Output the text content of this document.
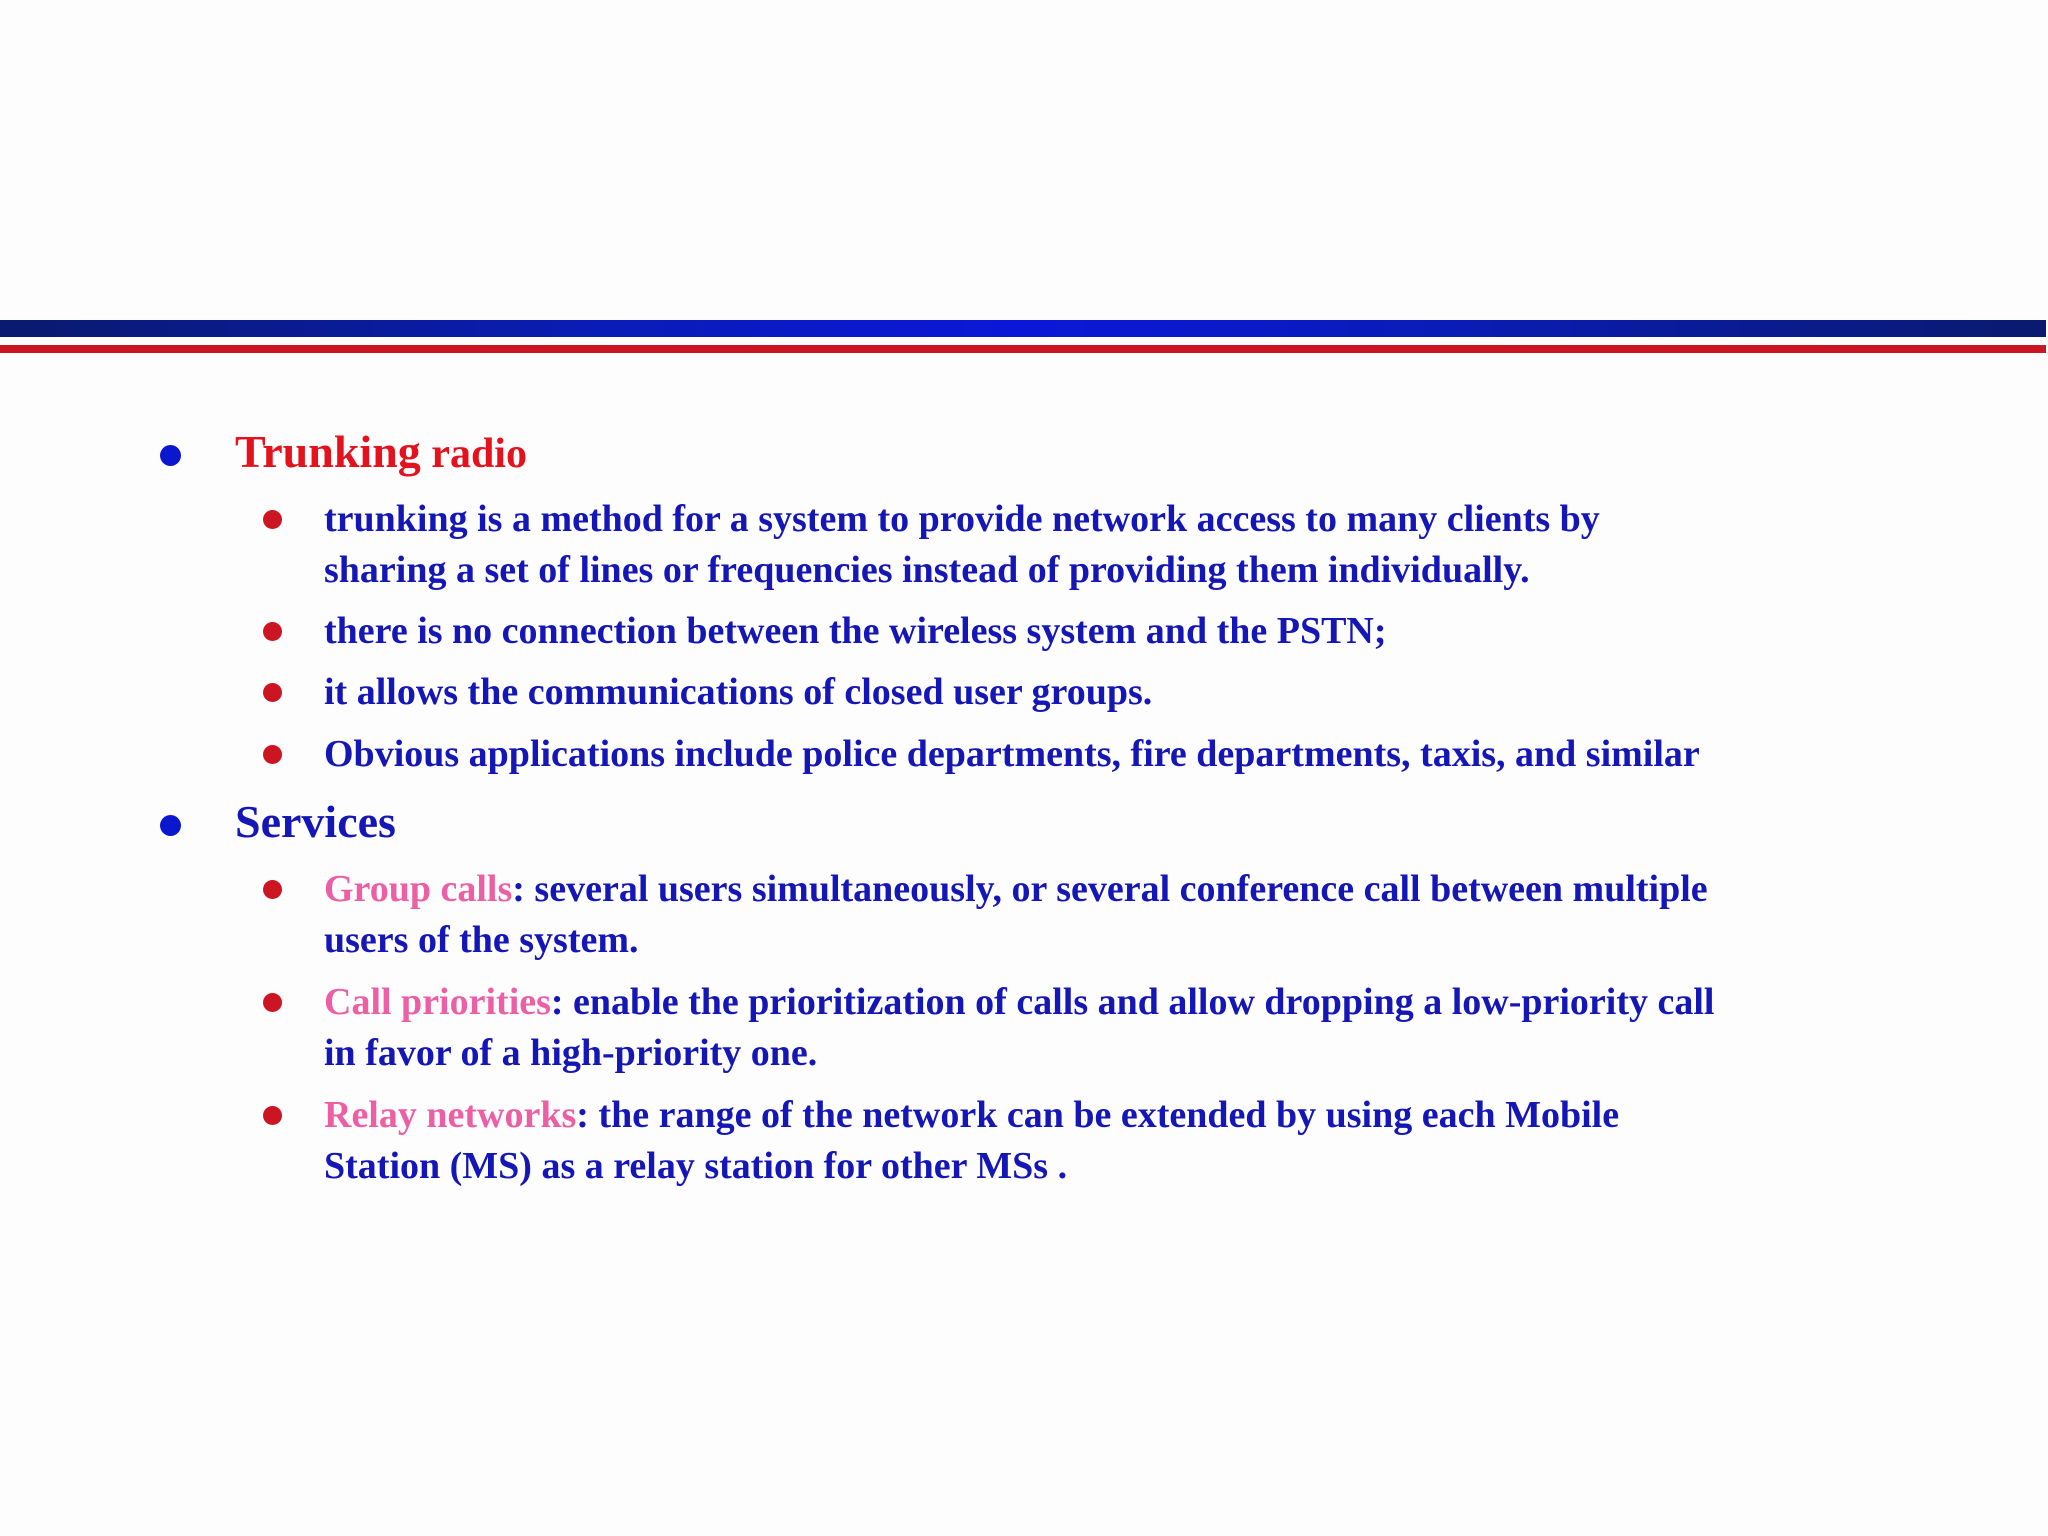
Trunking radio
trunking is a method for a system to provide network access to many clients by
sharing a set of lines or frequencies instead of providing them individually.
there is no connection between the wireless system and the PSTN;
it allows the communications of closed user groups.
Obvious applications include police departments, fire departments, taxis, and similar
Services
Group calls: several users simultaneously, or several conference call between multiple
users of the system.
Call priorities: enable the prioritization of calls and allow dropping a low-priority call
in favor of a high-priority one.
Relay networks: the range of the network can be extended by using each Mobile
Station (MS) as a relay station for other MSs .
